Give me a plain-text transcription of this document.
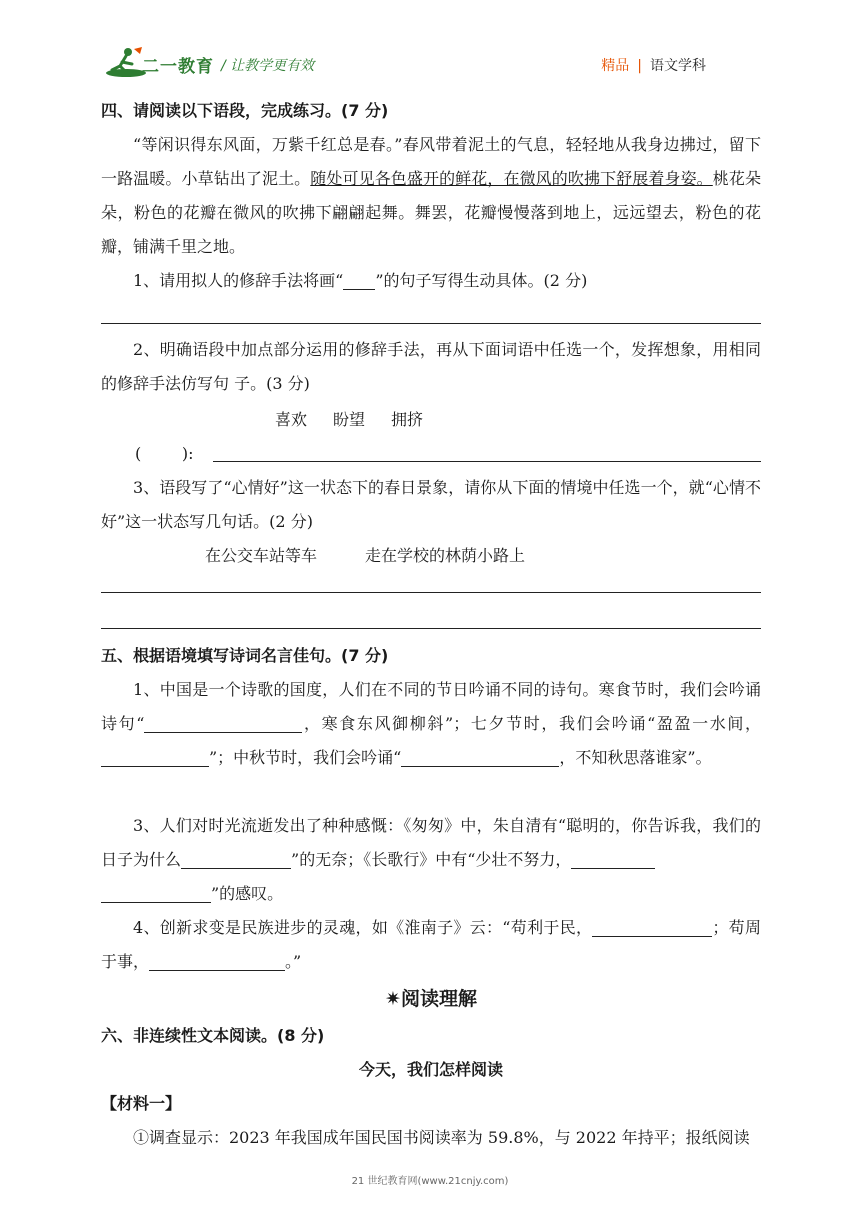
二一教育 / 让教学更有效	精品 | 语文学科
四、请阅读以下语段，完成练习。(7 分)

“等闲识得东风面，万紫千红总是春。”春风带着泥土的气息，轻轻地从我身边拂过，留下一路温暖。小草钻出了泥土。随处可见各色盛开的鲜花，在微风的吹拂下舒展着身姿。桃花朵朵，粉色的花瓣在微风的吹拂下翩翩起舞。舞罢，花瓣慢慢落到地上，远远望去，粉色的花瓣，铺满千里之地。

1、请用拟人的修辞手法将画“ ”的句子写得生动具体。(2 分)

2、明确语段中加点部分运用的修辞手法，再从下面词语中任选一个，发挥想象，用相同的修辞手法仿写句 子。(3 分)

喜欢 盼望 拥挤
(        ):

3、语段写了“心情好”这一状态下的春日景象，请你从下面的情境中任选一个，就“心情不好”这一状态写几句话。(2 分)

在公交车站等车	走在学校的林荫小路上
五、根据语境填写诗词名言佳句。(7 分)

1、中国是一个诗歌的国度，人们在不同的节日吟诵不同的诗句。寒食节时，我们会吟诵诗句“	，寒食东风御柳斜”；七夕节时，我们会吟诵“盈盈一水间，”；中秋节时，我们会吟诵“	，不知秋思落谁家”。

3、人们对时光流逝发出了种种感慨：《匆匆》中，朱自清有“聪明的，你告诉我，我们的日子为什么	”的无奈；《长歌行》中有“少壮不努力，
”的感叹。

4、创新求变是民族进步的灵魂，如《淮南子》云：“苟利于民，	；苟周于事，	。”

✷阅读理解
六、非连续性文本阅读。(8 分)
今天，我们怎样阅读
【材料一】

①调查显示：2023 年我国成年国民国书阅读率为 59.8%，与 2022 年持平；报纸阅读

21 世纪教育网(www.21cnjy.com)
